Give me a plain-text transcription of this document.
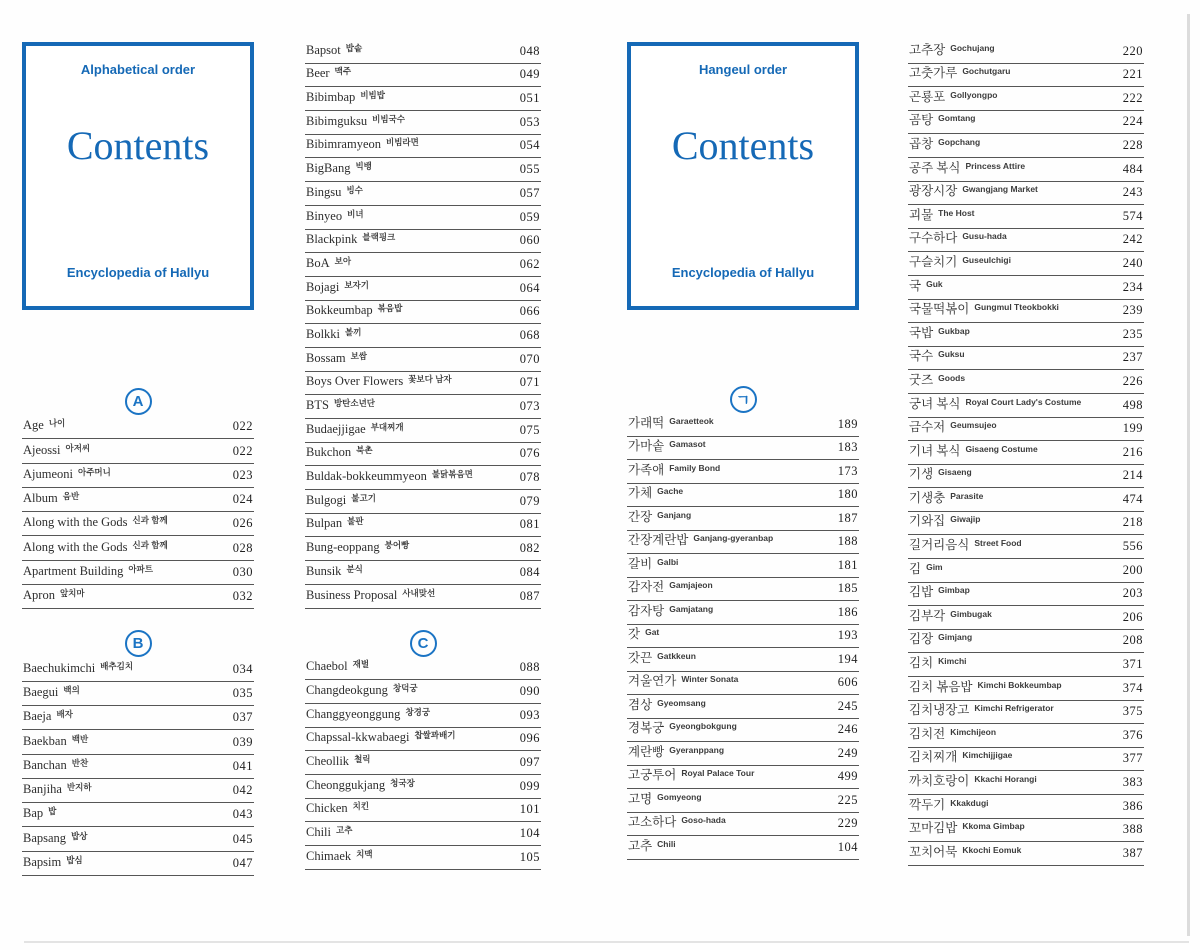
Alphabetical order
Contents
Encyclopedia of Hallyu
A
Age 나이	022
Ajeossi 아저씨	022
Ajumeoni 아주머니	023
Album 음반	024
Along with the Gods 신과 함께	026
Along with the Gods 신과 함께	028
Apartment Building 아파트	030
Apron 앞치마	032
B
Baechukimchi 배추김치	034
Baegui 백의	035
Baeja 배자	037
Baekban 백반	039
Banchan 반찬	041
Banjiha 반지하	042
Bap 밥	043
Bapsang 밥상	045
Bapsim 밥심	047
Bapsot 밥솥	048
Beer 맥주	049
Bibimbap 비빔밥	051
Bibimguksu 비빔국수	053
Bibimramyeon 비빔라면	054
BigBang 빅뱅	055
Bingsu 빙수	057
Binyeo 비녀	059
Blackpink 블랙핑크	060
BoA 보아	062
Bojagi 보자기	064
Bokkeumbap 볶음밥	066
Bolkki 볼끼	068
Bossam 보쌈	070
Boys Over Flowers 꽃보다 남자	071
BTS 방탄소년단	073
Budaejjigae 부대찌개	075
Bukchon 북촌	076
Buldak-bokkeummyeon 불닭볶음면	078
Bulgogi 불고기	079
Bulpan 불판	081
Bung-eoppang 붕어빵	082
Bunsik 분식	084
Business Proposal 사내맞선	087
C
Chaebol 재벌	088
Changdeokgung 창덕궁	090
Changgyeonggung 창경궁	093
Chapssal-kkwabaegi 찹쌀꽈배기	096
Cheollik 철릭	097
Cheonggukjang 청국장	099
Chicken 치킨	101
Chili 고추	104
Chimaek 치맥	105
Hangeul order
Contents
Encyclopedia of Hallyu
ㄱ
가래떡 Garaetteok	189
가마솥 Gamasot	183
가족애 Family Bond	173
가체 Gache	180
간장 Ganjang	187
간장계란밥 Ganjang-gyeranbap	188
갈비 Galbi	181
감자전 Gamjajeon	185
감자탕 Gamjatang	186
갓 Gat	193
갓끈 Gatkkeun	194
겨울연가 Winter Sonata	606
겸상 Gyeomsang	245
경복궁 Gyeongbokgung	246
계란빵 Gyeranppang	249
고궁투어 Royal Palace Tour	499
고명 Gomyeong	225
고소하다 Goso-hada	229
고추 Chili	104
고추장 Gochujang	220
고춧가루 Gochutgaru	221
곤룡포 Gollyongpo	222
곰탕 Gomtang	224
곱창 Gopchang	228
공주 복식 Princess Attire	484
광장시장 Gwangjang Market	243
괴물 The Host	574
구수하다 Gusu-hada	242
구슬치기 Guseulchigi	240
국 Guk	234
국물떡볶이 Gungmul Tteokbokki	239
국밥 Gukbap	235
국수 Guksu	237
굿즈 Goods	226
궁녀 복식 Royal Court Lady's Costume	498
금수저 Geumsujeo	199
기녀 복식 Gisaeng Costume	216
기생 Gisaeng	214
기생충 Parasite	474
기와집 Giwajip	218
길거리음식 Street Food	556
김 Gim	200
김밥 Gimbap	203
김부각 Gimbugak	206
김장 Gimjang	208
김치 Kimchi	371
김치 볶음밥 Kimchi Bokkeumbap	374
김치냉장고 Kimchi Refrigerator	375
김치전 Kimchijeon	376
김치찌개 Kimchijjigae	377
까치호랑이 Kkachi Horangi	383
깍두기 Kkakdugi	386
꼬마김밥 Kkoma Gimbap	388
꼬치어묵 Kkochi Eomuk	387
